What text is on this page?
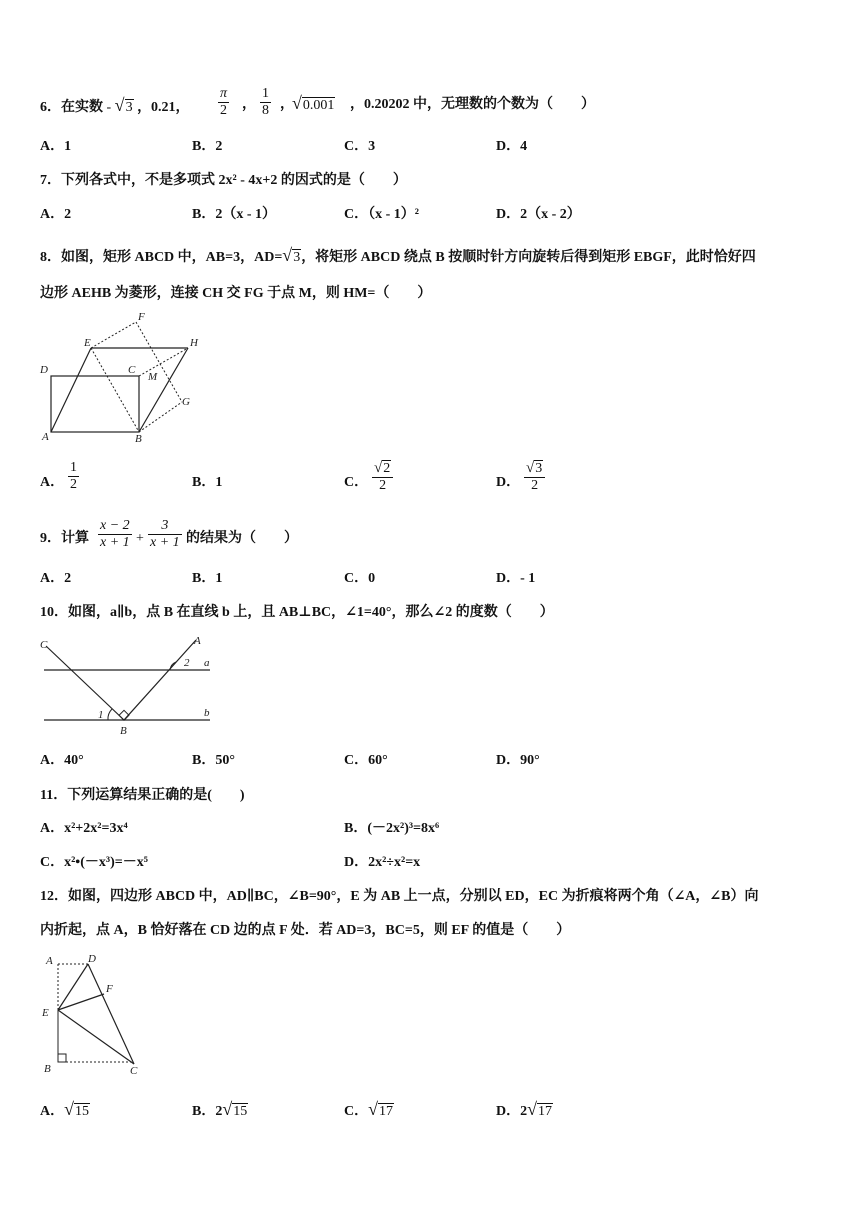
6．在实数 - √3 ，0.21， $\frac{\pi}{2}$ ， $\frac{1}{8}$ ，
√0.001 ，0.20202 中，无理数的个数为（　　）
A．1	B．2	C．3	D．4
7．下列各式中，不是多项式 2x² - 4x+2 的因式的是（　　）
A．2	B．2（x - 1）	C．（x - 1）²	D．2（x - 2）
8．如图，矩形 ABCD 中，AB=3，AD=√3，将矩形 ABCD 绕点 B 按顺时针方向旋转后得到矩形 EBGF，此时恰好四
边形 AEHB 为菱形，连接 CH 交 FG 于点 M，则 HM=（　　）
F
E	H
D	C
M
G
A	B
A． $\frac{1}{2}$	B．1	C． $\frac{√2}{2}$	D． $\frac{√3}{2}$
9．计算 $\frac{x - 2}{x + 1} + \frac{3}{x + 1}$ 的结果为（　　）
A．2	B．1	C．0	D．- 1
10．如图，a∥b，点 B 在直线 b 上，且 AB⊥BC，∠1=40°，那么∠2 的度数（　　）
C	A
2 a
1	b
B
A．40°	B．50°	C．60°	D．90°
11．下列运算结果正确的是(　　)
A．x²+2x²=3x⁴	B．(－2x²)³=8x⁶
C．x²•(－x³)=－x⁵	D．2x²÷x²=x
12．如图，四边形 ABCD 中，AD∥BC，∠B=90°，E 为 AB 上一点，分别以 ED，EC 为折痕将两个角（∠A，∠B）向
内折起，点 A，B 恰好落在 CD 边的点 F 处．若 AD=3，BC=5，则 EF 的值是（　　）
A	D
F
E
B	C
A．√15	B．2√15	C．√17	D．2√17
